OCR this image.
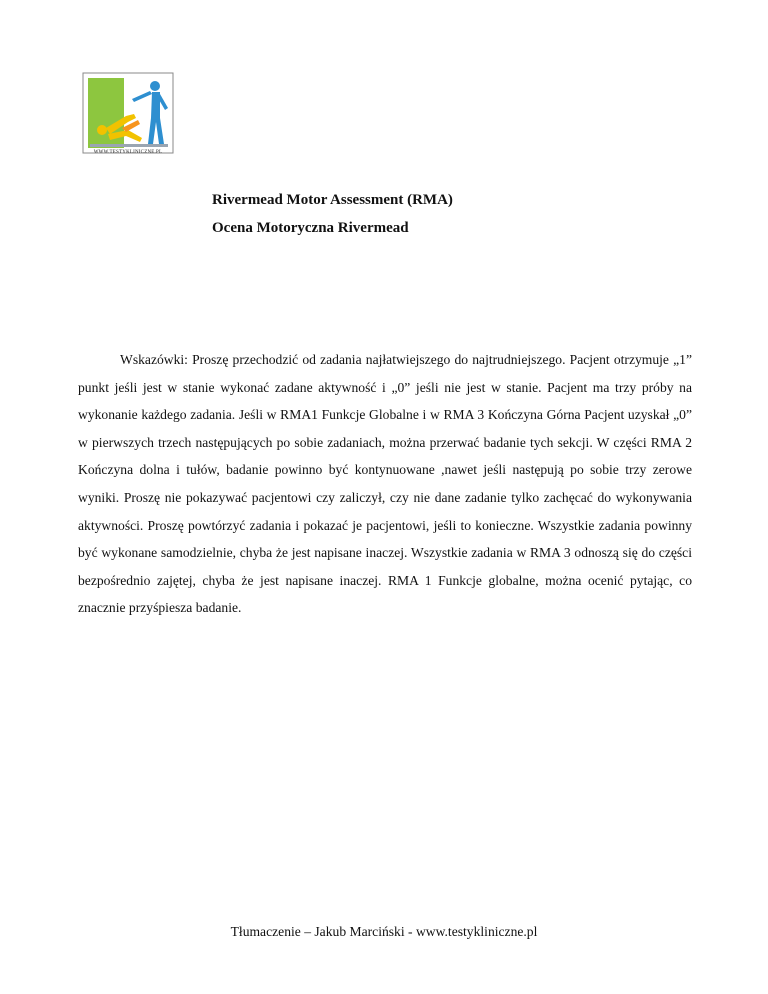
WWW.TESTYKLINICZNE.PL
Rivermead Motor Assessment (RMA)
Ocena Motoryczna Rivermead

Wskazówki: Proszę przechodzić od zadania najłatwiejszego do najtrudniejszego. Pacjent otrzymuje „1” punkt jeśli jest w stanie wykonać zadane aktywność i „0” jeśli nie jest w stanie. Pacjent ma trzy próby na wykonanie każdego zadania. Jeśli w RMA1 Funkcje Globalne i w RMA 3 Kończyna Górna Pacjent uzyskał „0” w pierwszych trzech następujących po sobie zadaniach, można przerwać badanie tych sekcji. W części RMA 2 Kończyna dolna i tułów, badanie powinno być kontynuowane ,nawet jeśli następują po sobie trzy zerowe wyniki. Proszę nie pokazywać pacjentowi czy zaliczył, czy nie dane zadanie tylko zachęcać do wykonywania aktywności. Proszę powtórzyć zadania i pokazać je pacjentowi, jeśli to konieczne. Wszystkie zadania powinny być wykonane samodzielnie, chyba że jest napisane inaczej. Wszystkie zadania w RMA 3 odnoszą się do części bezpośrednio zajętej, chyba że jest napisane inaczej. RMA 1 Funkcje globalne, można ocenić pytając, co znacznie przyśpiesza badanie.

Tłumaczenie – Jakub Marciński - www.testykliniczne.pl
